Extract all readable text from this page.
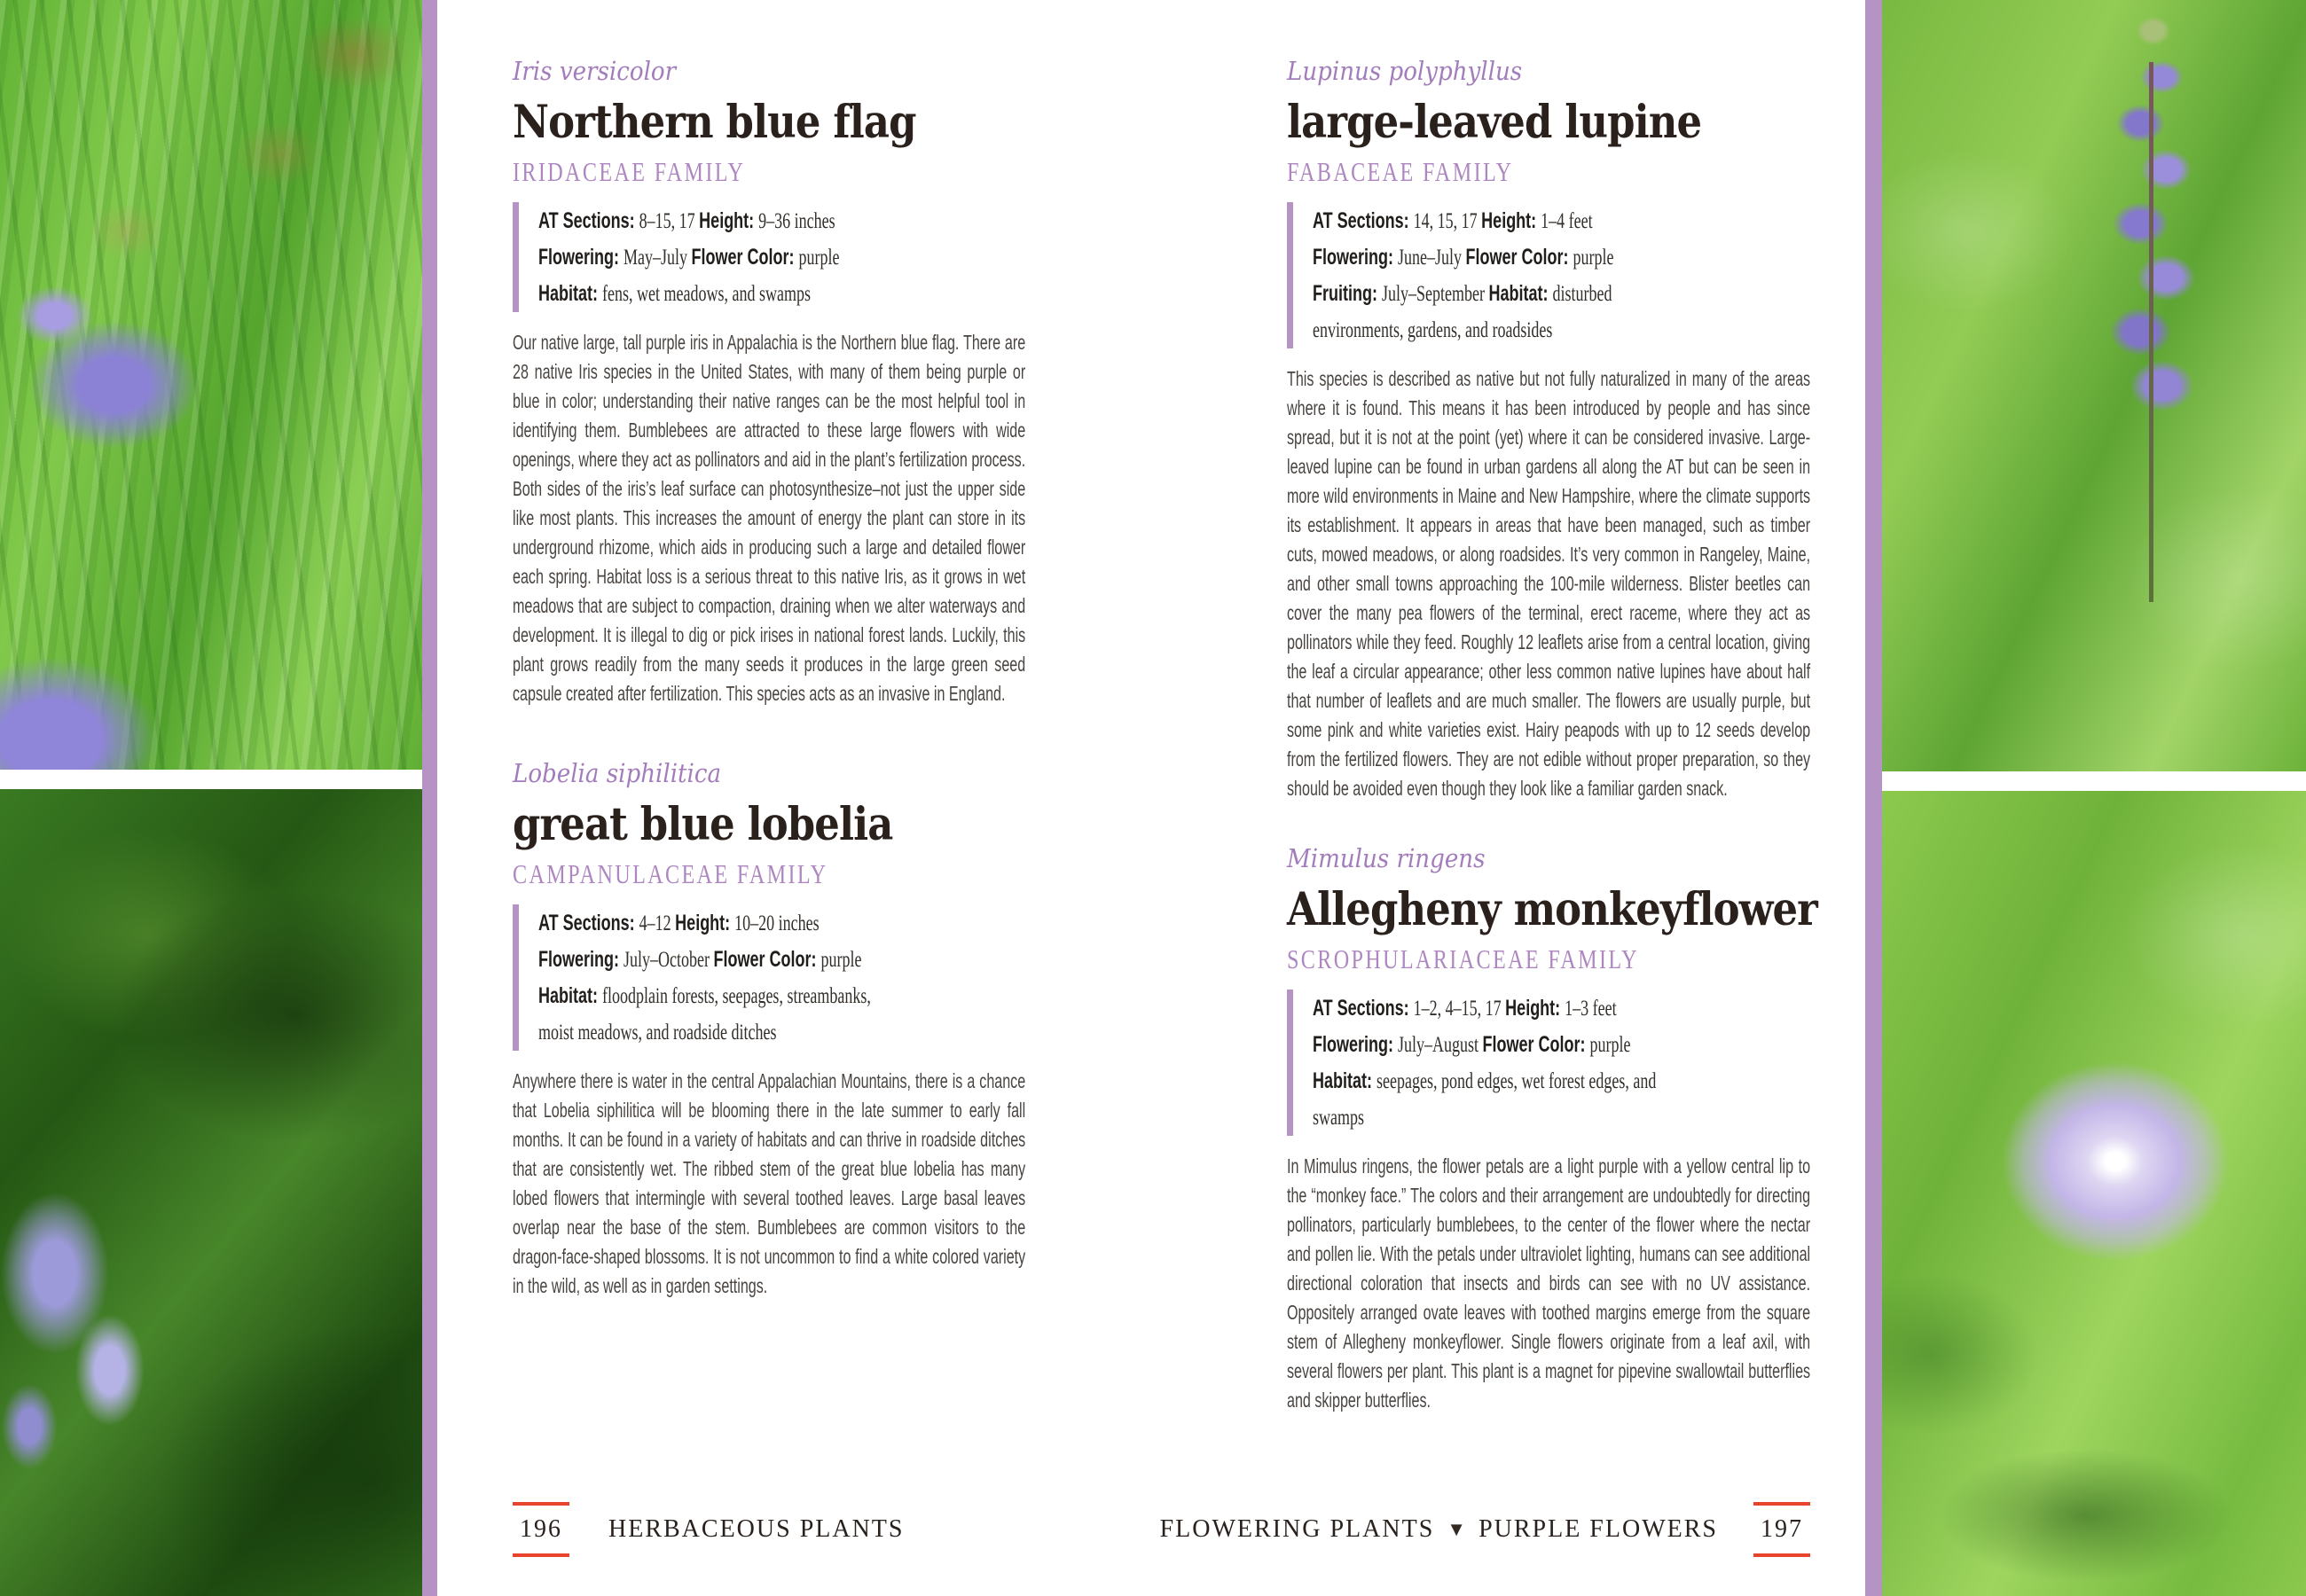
Iris versicolor
Northern blue flag
IRIDACEAE FAMILY
AT Sections: 8–15, 17 Height: 9–36 inches Flowering: May–July Flower Color: purple Habitat: fens, wet meadows, and swamps
Our native large, tall purple iris in Appalachia is the Northern blue flag. There are 28 native Iris species in the United States, with many of them being purple or blue in color; understanding their native ranges can be the most helpful tool in identifying them. Bumblebees are attracted to these large flowers with wide openings, where they act as pollinators and aid in the plant’s fertilization process. Both sides of the iris’s leaf surface can photosynthesize–not just the upper side like most plants. This increases the amount of energy the plant can store in its underground rhizome, which aids in producing such a large and detailed flower each spring. Habitat loss is a serious threat to this native Iris, as it grows in wet meadows that are subject to compaction, draining when we alter waterways and development. It is illegal to dig or pick irises in national forest lands. Luckily, this plant grows readily from the many seeds it produces in the large green seed capsule created after fertilization. This species acts as an invasive in England.
Lobelia siphilitica
great blue lobelia
CAMPANULACEAE FAMILY
AT Sections: 4–12 Height: 10–20 inches Flowering: July–October Flower Color: purple Habitat: floodplain forests, seepages, streambanks, moist meadows, and roadside ditches
Anywhere there is water in the central Appalachian Mountains, there is a chance that Lobelia siphilitica will be blooming there in the late summer to early fall months. It can be found in a variety of habitats and can thrive in roadside ditches that are consistently wet. The ribbed stem of the great blue lobelia has many lobed flowers that intermingle with several toothed leaves. Large basal leaves overlap near the base of the stem. Bumblebees are common visitors to the dragon-face-shaped blossoms. It is not uncommon to find a white colored variety in the wild, as well as in garden settings.
Lupinus polyphyllus
large-leaved lupine
FABACEAE FAMILY
AT Sections: 14, 15, 17 Height: 1–4 feet Flowering: June–July Flower Color: purple Fruiting: July–September Habitat: disturbed environments, gardens, and roadsides
This species is described as native but not fully naturalized in many of the areas where it is found. This means it has been introduced by people and has since spread, but it is not at the point (yet) where it can be considered invasive. Large-leaved lupine can be found in urban gardens all along the AT but can be seen in more wild environments in Maine and New Hampshire, where the climate supports its establishment. It appears in areas that have been managed, such as timber cuts, mowed meadows, or along roadsides. It’s very common in Rangeley, Maine, and other small towns approaching the 100-mile wilderness. Blister beetles can cover the many pea flowers of the terminal, erect raceme, where they act as pollinators while they feed. Roughly 12 leaflets arise from a central location, giving the leaf a circular appearance; other less common native lupines have about half that number of leaflets and are much smaller. The flowers are usually purple, but some pink and white varieties exist. Hairy peapods with up to 12 seeds develop from the fertilized flowers. They are not edible without proper preparation, so they should be avoided even though they look like a familiar garden snack.
Mimulus ringens
Allegheny monkeyflower
SCROPHULARIACEAE FAMILY
AT Sections: 1–2, 4–15, 17 Height: 1–3 feet Flowering: July–August Flower Color: purple Habitat: seepages, pond edges, wet forest edges, and swamps
In Mimulus ringens, the flower petals are a light purple with a yellow central lip to the “monkey face.” The colors and their arrangement are undoubtedly for directing pollinators, particularly bumblebees, to the center of the flower where the nectar and pollen lie. With the petals under ultraviolet lighting, humans can see additional directional coloration that insects and birds can see with no UV assistance. Oppositely arranged ovate leaves with toothed margins emerge from the square stem of Allegheny monkeyflower. Single flowers originate from a leaf axil, with several flowers per plant. This plant is a magnet for pipevine swallowtail butterflies and skipper butterflies.
196 HERBACEOUS PLANTS	FLOWERING PLANTS ▼ PURPLE FLOWERS 197
